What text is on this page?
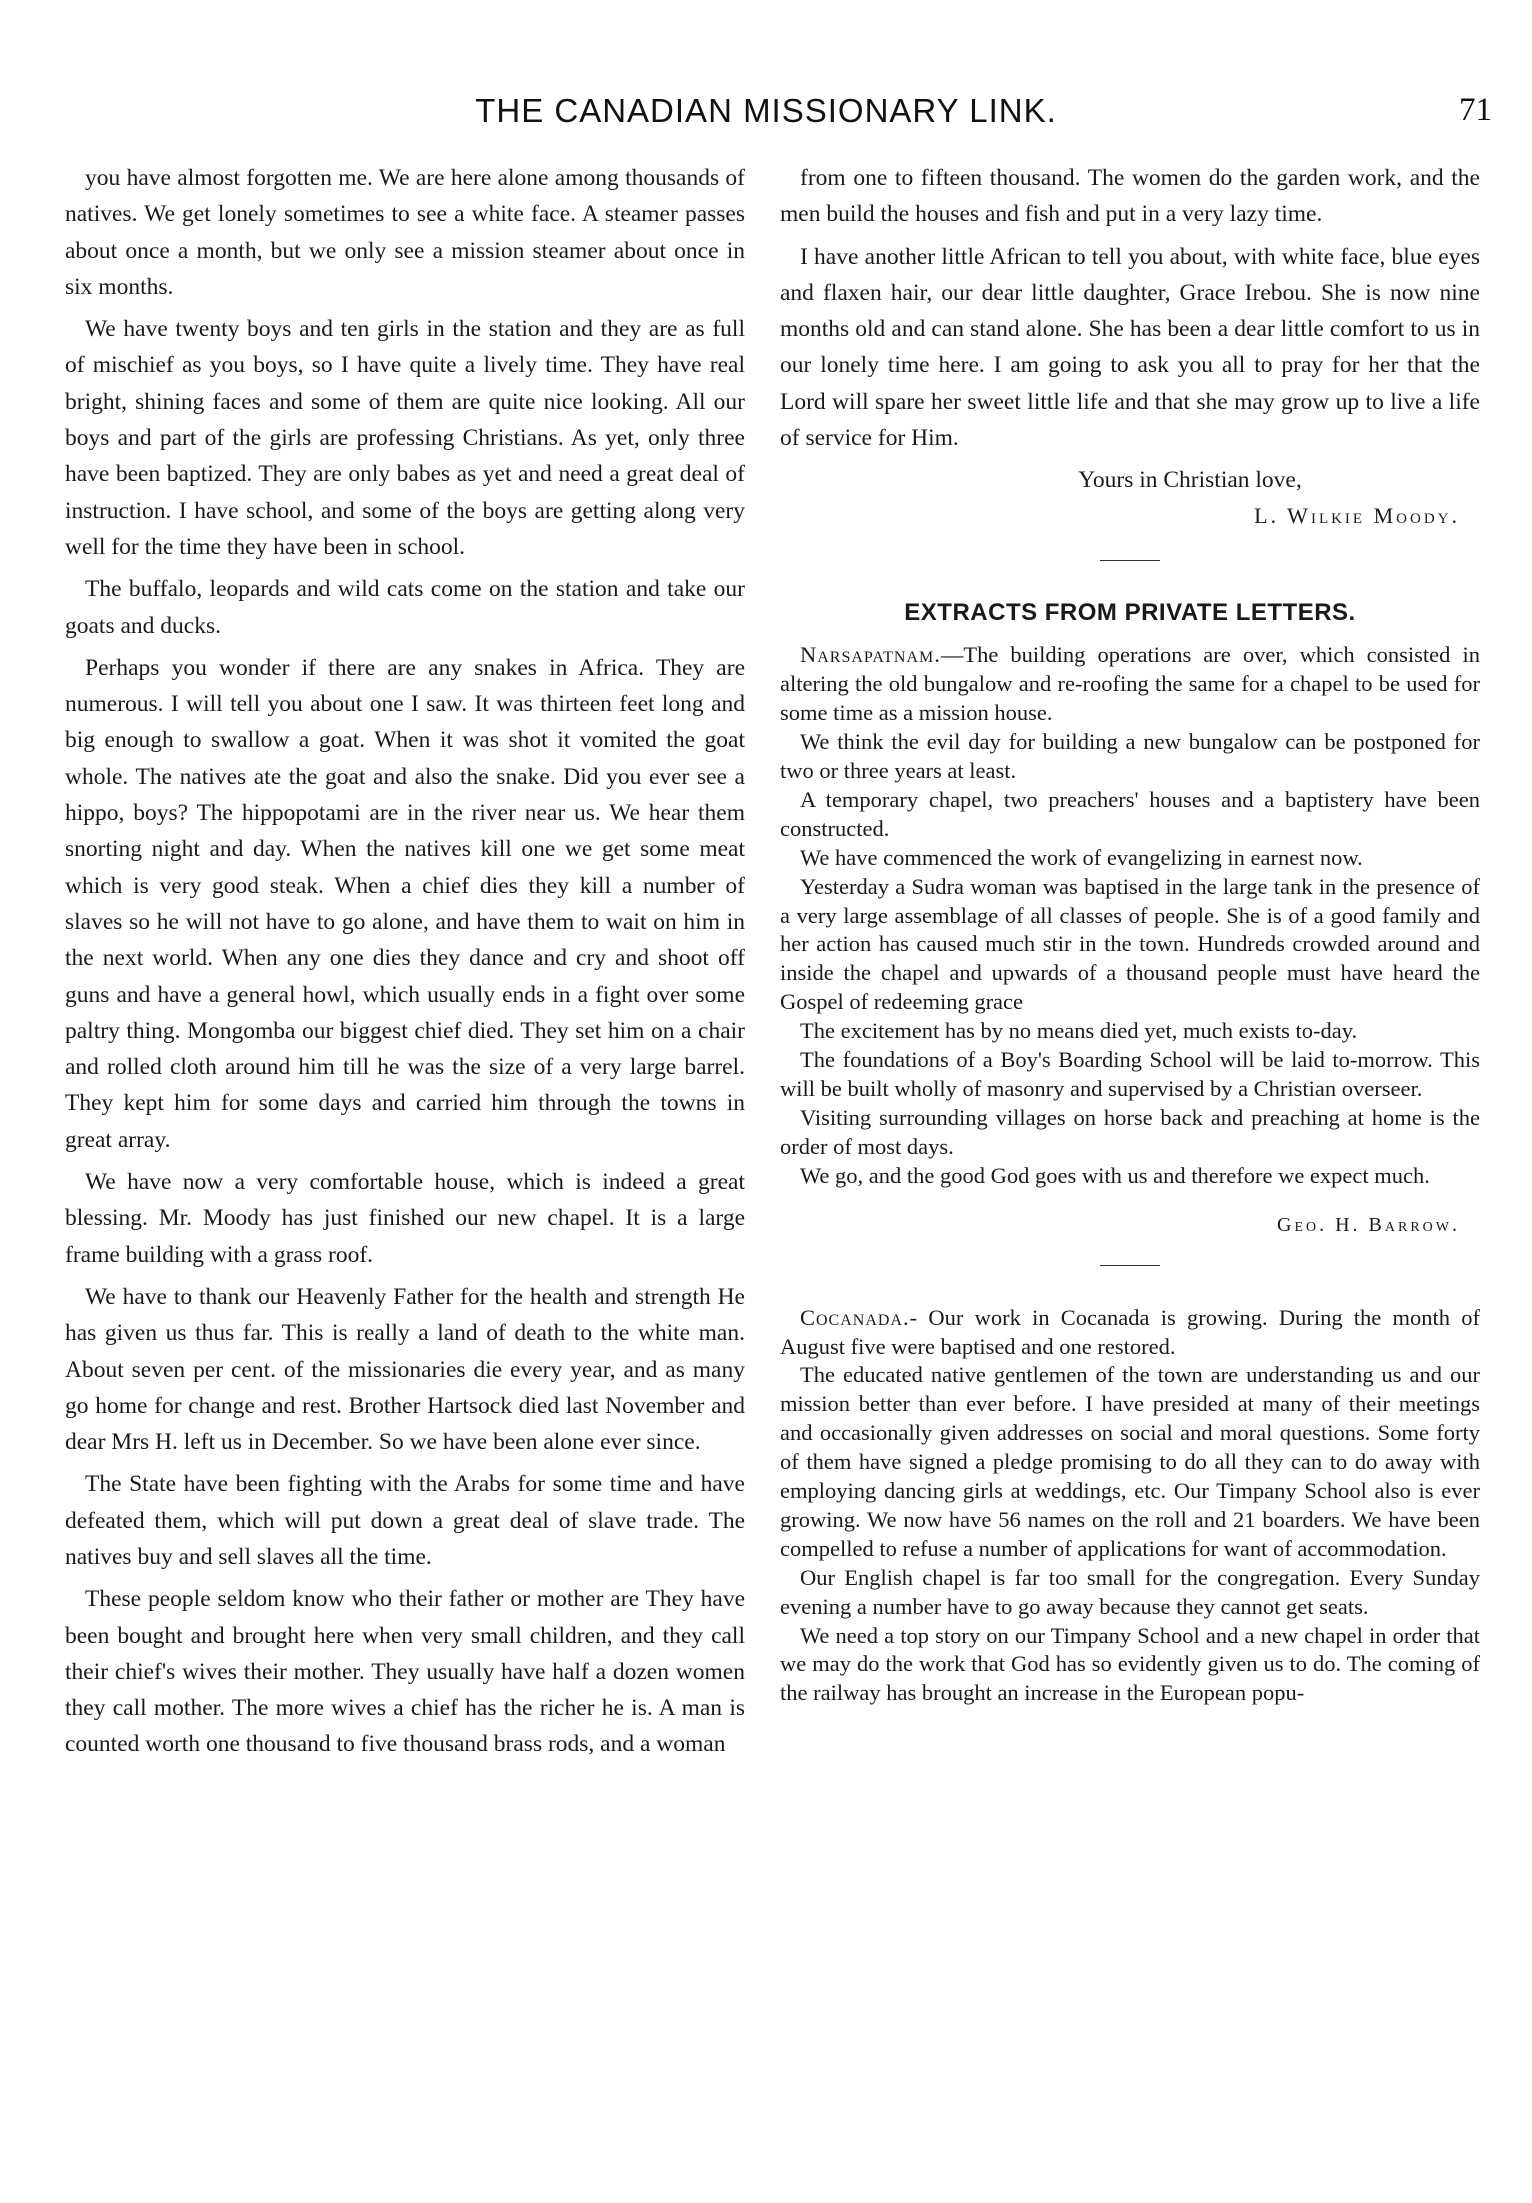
THE CANADIAN MISSIONARY LINK.	71

you have almost forgotten me. We are here alone among thousands of natives. We get lonely sometimes to see a white face. A steamer passes about once a month, but we only see a mission steamer about once in six months.

We have twenty boys and ten girls in the station and they are as full of mischief as you boys, so I have quite a lively time. They have real bright, shining faces and some of them are quite nice looking. All our boys and part of the girls are professing Christians. As yet, only three have been baptized. They are only babes as yet and need a great deal of instruction. I have school, and some of the boys are getting along very well for the time they have been in school.

The buffalo, leopards and wild cats come on the station and take our goats and ducks.

Perhaps you wonder if there are any snakes in Africa. They are numerous. I will tell you about one I saw. It was thirteen feet long and big enough to swallow a goat. When it was shot it vomited the goat whole. The natives ate the goat and also the snake. Did you ever see a hippo, boys? The hippopotami are in the river near us. We hear them snorting night and day. When the natives kill one we get some meat which is very good steak. When a chief dies they kill a number of slaves so he will not have to go alone, and have them to wait on him in the next world. When any one dies they dance and cry and shoot off guns and have a general howl, which usually ends in a fight over some paltry thing. Mongomba our biggest chief died. They set him on a chair and rolled cloth around him till he was the size of a very large barrel. They kept him for some days and carried him through the towns in great array.

We have now a very comfortable house, which is indeed a great blessing. Mr. Moody has just finished our new chapel. It is a large frame building with a grass roof.

We have to thank our Heavenly Father for the health and strength He has given us thus far. This is really a land of death to the white man. About seven per cent. of the missionaries die every year, and as many go home for change and rest. Brother Hartsock died last November and dear Mrs H. left us in December. So we have been alone ever since.

The State have been fighting with the Arabs for some time and have defeated them, which will put down a great deal of slave trade. The natives buy and sell slaves all the time.

These people seldom know who their father or mother are They have been bought and brought here when very small children, and they call their chief's wives their mother. They usually have half a dozen women they call mother. The more wives a chief has the richer he is. A man is counted worth one thousand to five thousand brass rods, and a woman

from one to fifteen thousand. The women do the garden work, and the men build the houses and fish and put in a very lazy time.

I have another little African to tell you about, with white face, blue eyes and flaxen hair, our dear little daughter, Grace Irebou. She is now nine months old and can stand alone. She has been a dear little comfort to us in our lonely time here. I am going to ask you all to pray for her that the Lord will spare her sweet little life and that she may grow up to live a life of service for Him.

Yours in Christian love,
L. Wilkie Moody.
EXTRACTS FROM PRIVATE LETTERS.

Narsapatnam.—The building operations are over, which consisted in altering the old bungalow and re-roofing the same for a chapel to be used for some time as a mission house.

We think the evil day for building a new bungalow can be postponed for two or three years at least.

A temporary chapel, two preachers' houses and a baptistery have been constructed.

We have commenced the work of evangelizing in earnest now.

Yesterday a Sudra woman was baptised in the large tank in the presence of a very large assemblage of all classes of people. She is of a good family and her action has caused much stir in the town. Hundreds crowded around and inside the chapel and upwards of a thousand people must have heard the Gospel of redeeming grace

The excitement has by no means died yet, much exists to-day.

The foundations of a Boy's Boarding School will be laid to-morrow. This will be built wholly of masonry and supervised by a Christian overseer.

Visiting surrounding villages on horse back and preaching at home is the order of most days.

We go, and the good God goes with us and therefore we expect much.

Geo. H. Barrow.

Cocanada.- Our work in Cocanada is growing. During the month of August five were baptised and one restored.

The educated native gentlemen of the town are understanding us and our mission better than ever before. I have presided at many of their meetings and occasionally given addresses on social and moral questions. Some forty of them have signed a pledge promising to do all they can to do away with employing dancing girls at weddings, etc. Our Timpany School also is ever growing. We now have 56 names on the roll and 21 boarders. We have been compelled to refuse a number of applications for want of accommodation.

Our English chapel is far too small for the congregation. Every Sunday evening a number have to go away because they cannot get seats.

We need a top story on our Timpany School and a new chapel in order that we may do the work that God has so evidently given us to do. The coming of the railway has brought an increase in the European popu-
